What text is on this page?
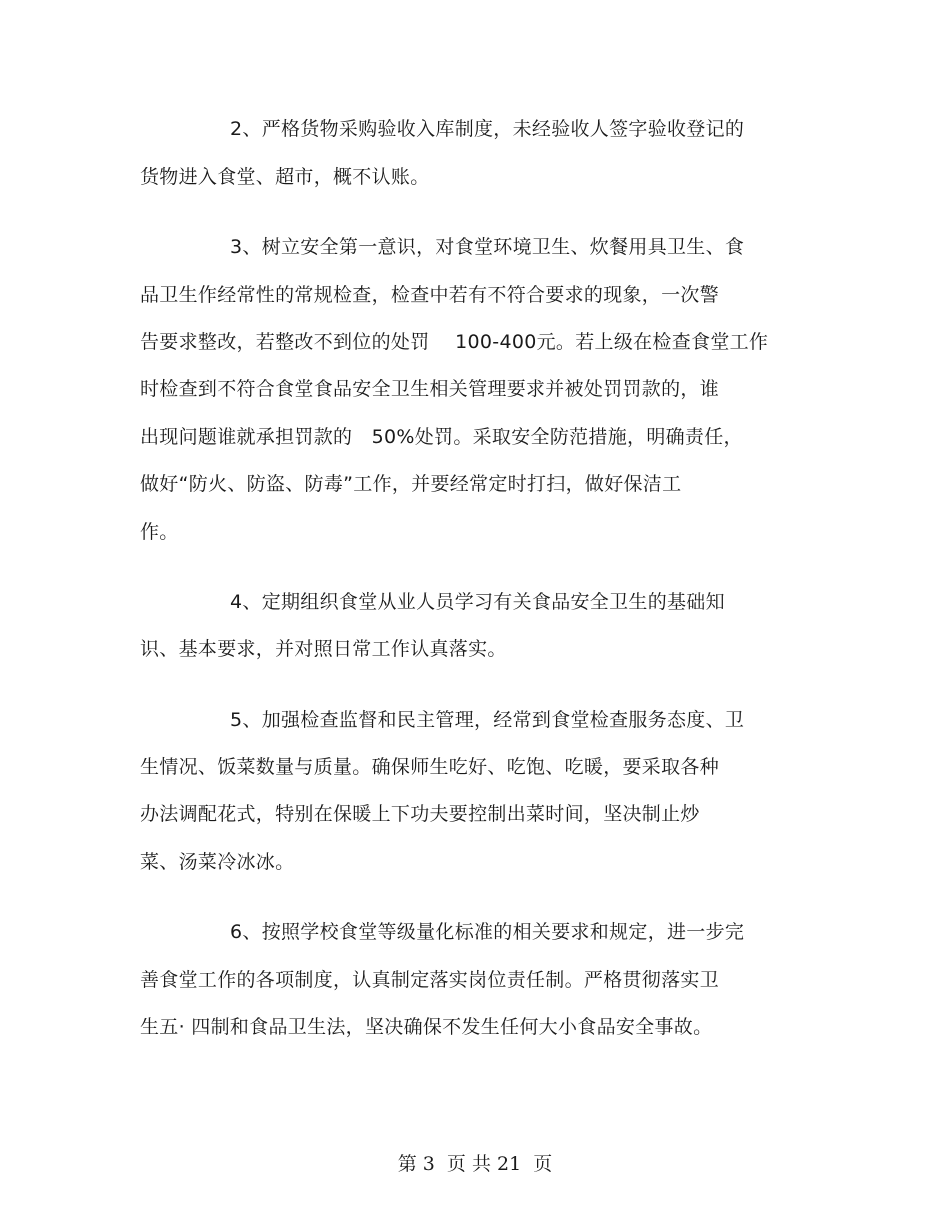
2、严格货物采购验收入库制度，未经验收人签字验收登记的
货物进入食堂、超市，概不认账。
3、树立安全第一意识，对食堂环境卫生、炊餐用具卫生、食
品卫生作经常性的常规检查，检查中若有不符合要求的现象，一次警
告要求整改，若整改不到位的处罚　 100-400元。若上级在检查食堂工作
时检查到不符合食堂食品安全卫生相关管理要求并被处罚罚款的，谁
出现问题谁就承担罚款的　50%处罚。采取安全防范措施，明确责任，
做好“防火、防盗、防毒”工作，并要经常定时打扫，做好保洁工
作。
4、定期组织食堂从业人员学习有关食品安全卫生的基础知
识、基本要求，并对照日常工作认真落实。
5、加强检查监督和民主管理，经常到食堂检查服务态度、卫
生情况、饭菜数量与质量。确保师生吃好、吃饱、吃暖，要采取各种
办法调配花式，特别在保暖上下功夫要控制出菜时间，坚决制止炒
菜、汤菜冷冰冰。
6、按照学校食堂等级量化标准的相关要求和规定，进一步完
善食堂工作的各项制度，认真制定落实岗位责任制。严格贯彻落实卫
生五· 四制和食品卫生法，坚决确保不发生任何大小食品安全事故。
第 3  页 共 21  页
